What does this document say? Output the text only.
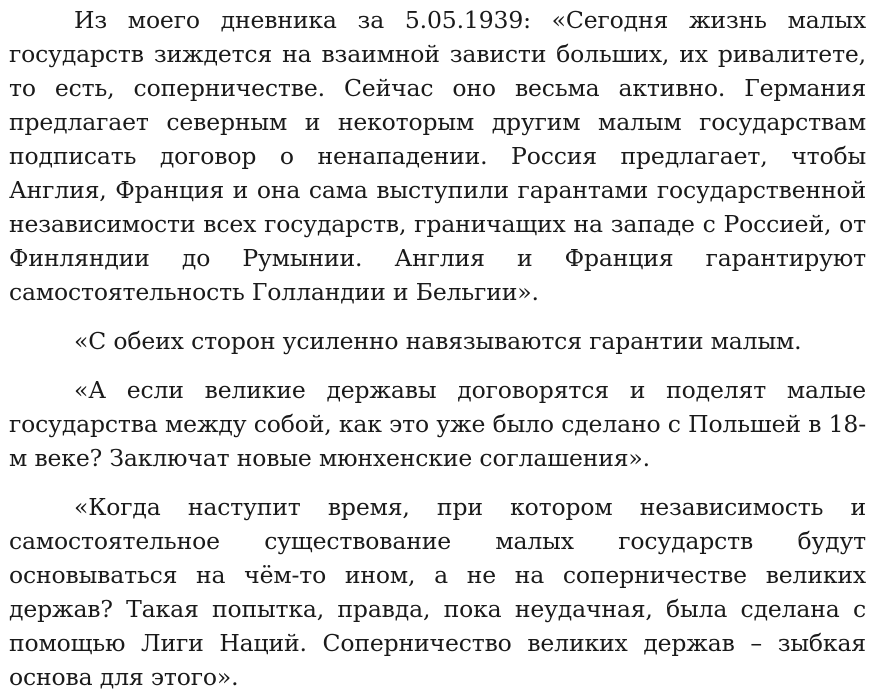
Из моего дневника за 5.05.1939: «Сегодня жизнь малых государств зиждется на взаимной зависти больших, их ривалитете, то есть, соперничестве. Сейчас оно весьма активно. Германия предлагает северным и некоторым другим малым государствам подписать договор о ненападении. Россия предлагает, чтобы Англия, Франция и она сама выступили гарантами государственной независимости всех государств, граничащих на западе с Россией, от Финляндии до Румынии. Англия и Франция гарантируют самостоятельность Голландии и Бельгии».

«С обеих сторон усиленно навязываются гарантии малым.

«А если великие державы договорятся и поделят малые государства между собой, как это уже было сделано с Польшей в 18-м веке? Заключат новые мюнхенские соглашения».

«Когда наступит время, при котором независимость и самостоятельное существование малых государств будут основываться на чём-то ином, а не на соперничестве великих держав? Такая попытка, правда, пока неудачная, была сделана с помощью Лиги Наций. Соперничество великих держав – зыбкая основа для этого».
